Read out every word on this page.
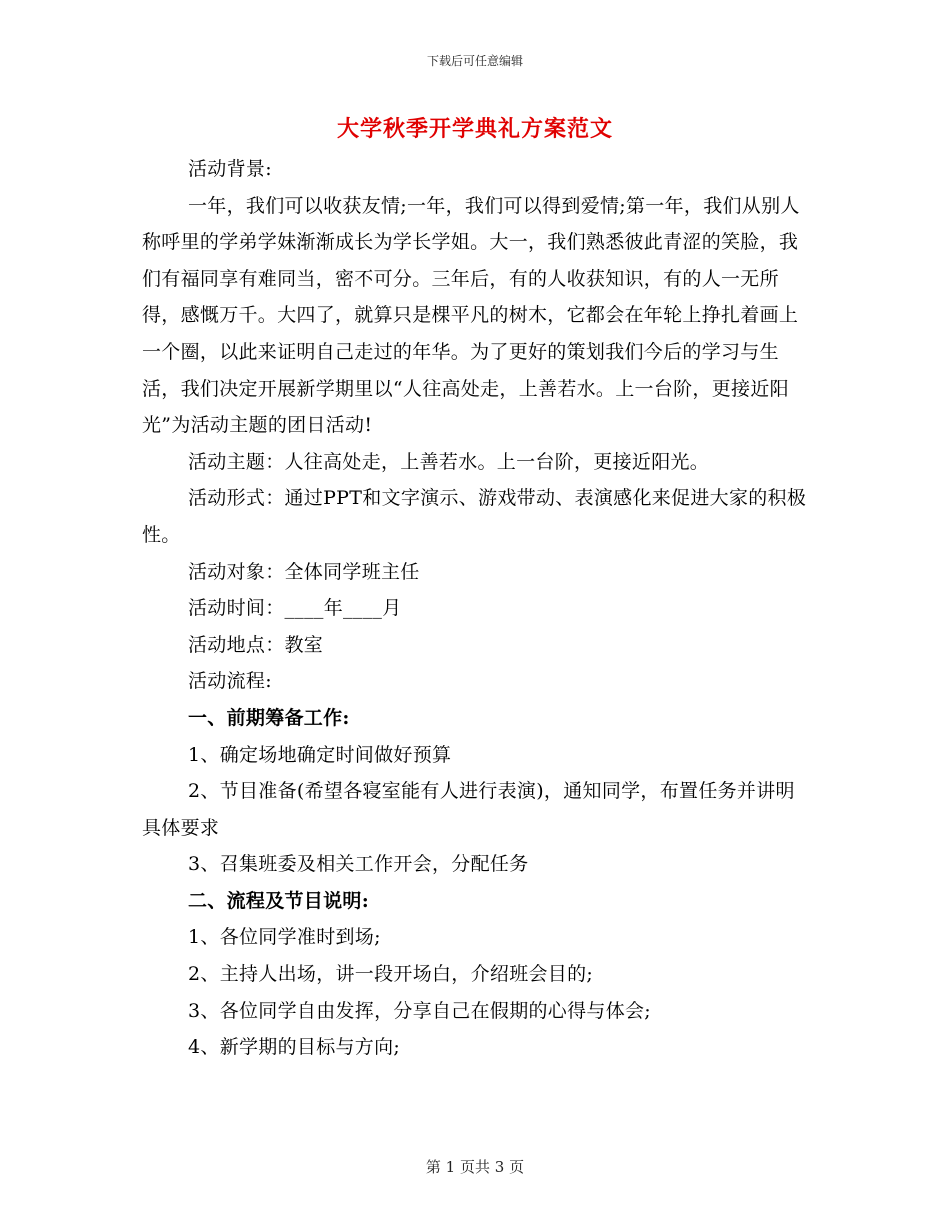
下载后可任意编辑
大学秋季开学典礼方案范文

活动背景:

一年，我们可以收获友情;一年，我们可以得到爱情;第一年，我们从别人称呼里的学弟学妹渐渐成长为学长学姐。大一，我们熟悉彼此青涩的笑脸，我们有福同享有难同当，密不可分。三年后，有的人收获知识，有的人一无所得，感慨万千。大四了，就算只是棵平凡的树木，它都会在年轮上挣扎着画上一个圈，以此来证明自己走过的年华。为了更好的策划我们今后的学习与生活，我们决定开展新学期里以“人往高处走，上善若水。上一台阶，更接近阳光”为活动主题的团日活动!

活动主题：人往高处走，上善若水。上一台阶，更接近阳光。

活动形式：通过PPT和文字演示、游戏带动、表演感化来促进大家的积极性。

活动对象：全体同学班主任

活动时间：____年____月

活动地点：教室

活动流程:

一、前期筹备工作:

1、确定场地确定时间做好预算

2、节目准备(希望各寝室能有人进行表演)，通知同学，布置任务并讲明具体要求

3、召集班委及相关工作开会，分配任务

二、流程及节目说明:

1、各位同学准时到场;

2、主持人出场，讲一段开场白，介绍班会目的;

3、各位同学自由发挥，分享自己在假期的心得与体会;

4、新学期的目标与方向;

第 1 页共 3 页
